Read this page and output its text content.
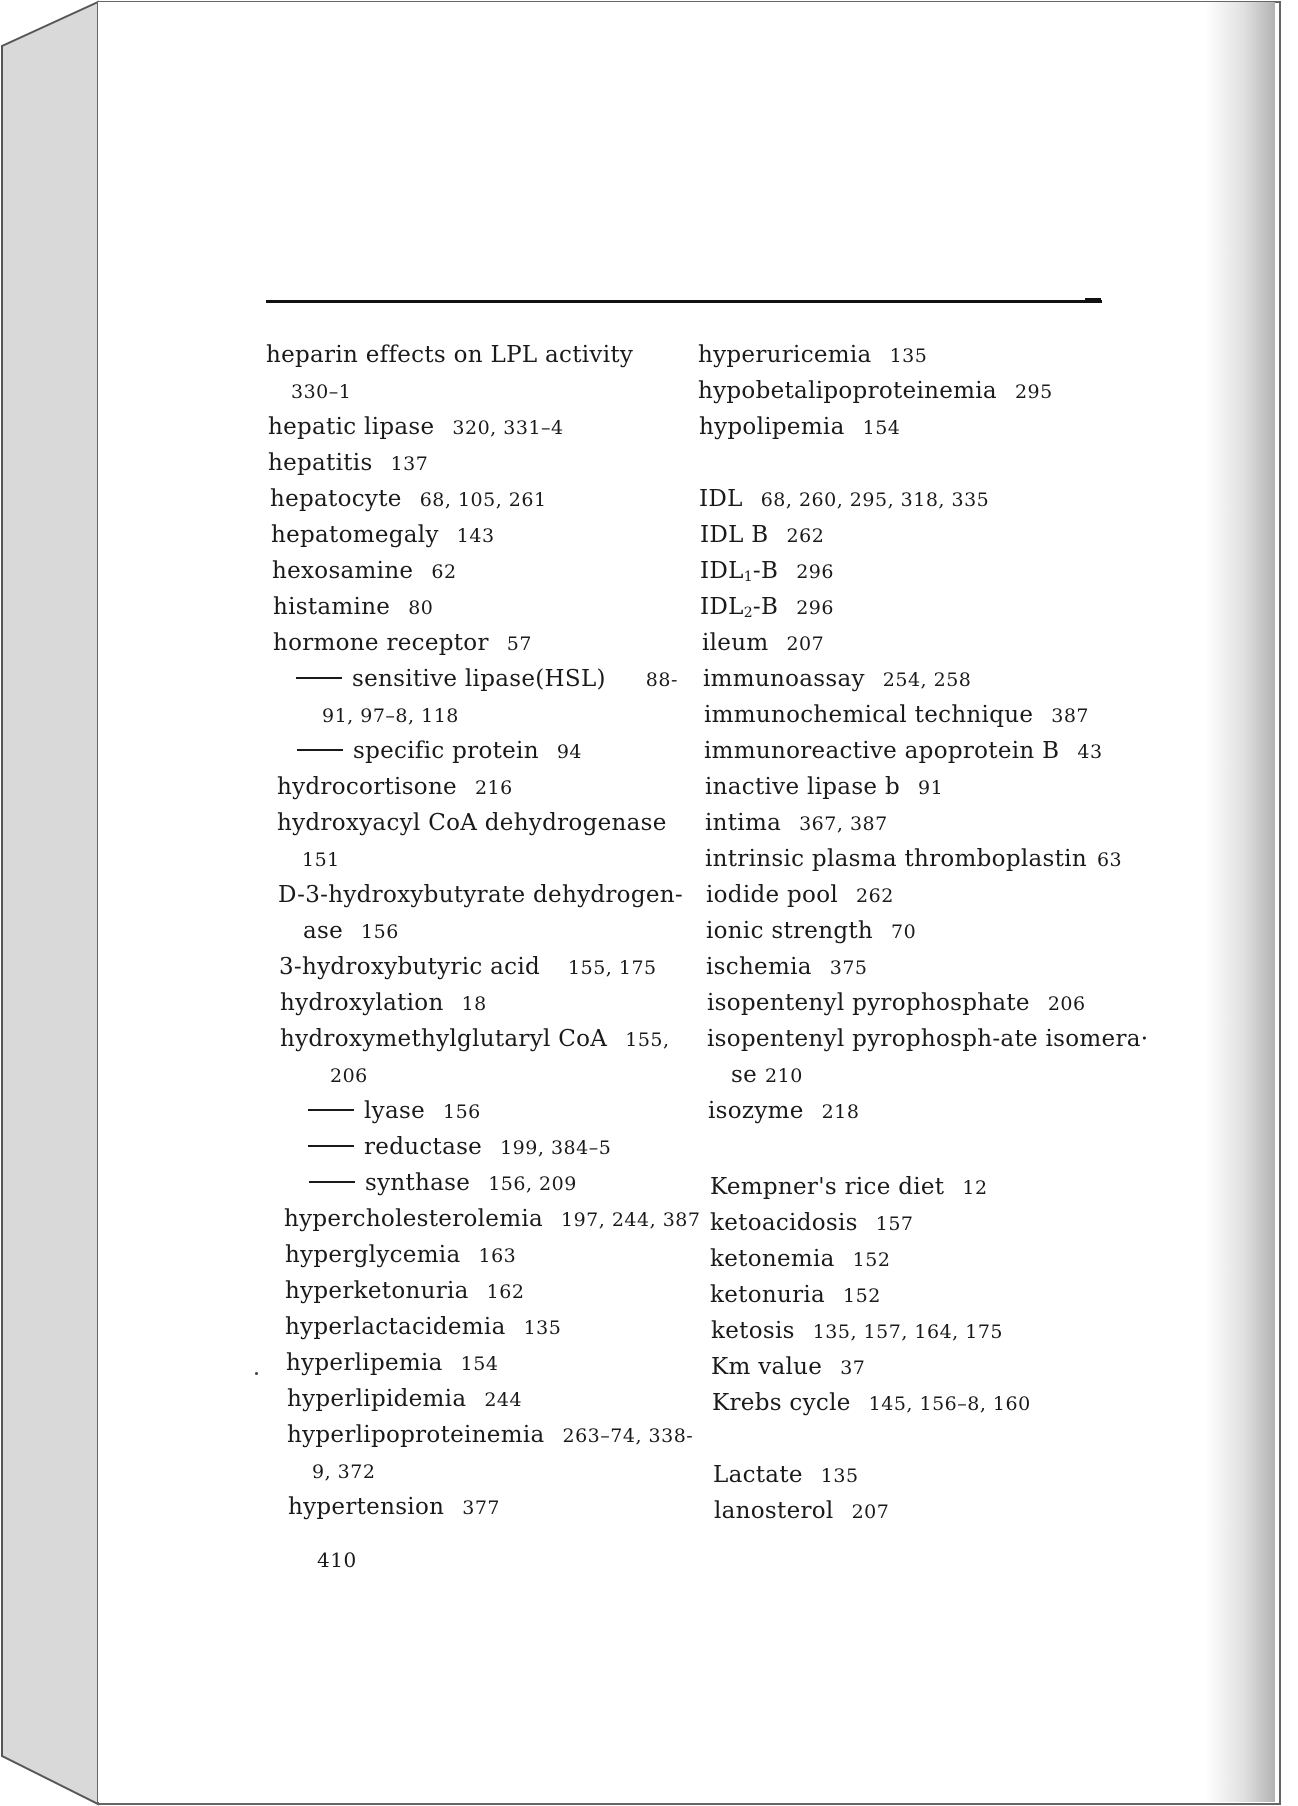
heparin effects on LPL activity
330–1
hepatic lipase 320, 331–4
hepatitis 137
hepatocyte 68, 105, 261
hepatomegaly 143
hexosamine 62
histamine 80
hormone receptor 57
sensitive lipase(HSL) 88-
91, 97–8, 118
specific protein 94
hydrocortisone 216
hydroxyacyl CoA dehydrogenase
151
D-3-hydroxybutyrate dehydrogen-
ase 156
3-hydroxybutyric acid 155, 175
hydroxylation 18
hydroxymethylglutaryl CoA 155,
206
lyase 156
reductase 199, 384–5
synthase 156, 209
hypercholesterolemia 197, 244, 387
hyperglycemia 163
hyperketonuria 162
hyperlactacidemia 135
hyperlipemia 154
hyperlipidemia 244
hyperlipoproteinemia 263–74, 338-
9, 372
hypertension 377
hyperuricemia 135
hypobetalipoproteinemia 295
hypolipemia 154
IDL 68, 260, 295, 318, 335
IDL B 262
$IDL_1-B$ 296
$IDL_2-B$ 296
ileum 207
immunoassay 254, 258
immunochemical technique 387
immunoreactive apoprotein B 43
inactive lipase b 91
intima 367, 387
intrinsic plasma thromboplastin 63
iodide pool 262
ionic strength 70
ischemia 375
isopentenyl pyrophosphate 206
isopentenyl pyrophosph-ate isomera·
se 210
isozyme 218
Kempner's rice diet 12
ketoacidosis 157
ketonemia 152
ketonuria 152
ketosis 135, 157, 164, 175
Km value 37
Krebs cycle 145, 156–8, 160
Lactate 135
lanosterol 207
410
